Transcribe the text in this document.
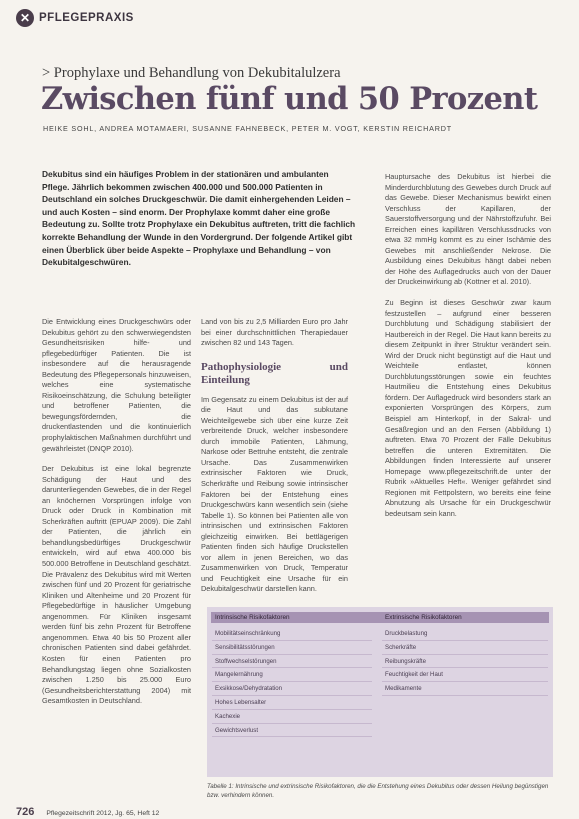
✕ PFLEGEPRAXIS
> Prophylaxe und Behandlung von Dekubitalulzera
Zwischen fünf und 50 Prozent
HEIKE SOHL, ANDREA MOTAMAERI, SUSANNE FAHNEBECK, PETER M. VOGT, KERSTIN REICHARDT

Dekubitus sind ein häufiges Problem in der stationären und ambulanten Pflege. Jährlich bekommen zwischen 400.000 und 500.000 Patienten in Deutschland ein solches Druckgeschwür. Die damit einhergehenden Leiden – und auch Kosten – sind enorm. Der Prophylaxe kommt daher eine große Bedeutung zu. Sollte trotz Prophylaxe ein Dekubitus auftreten, tritt die fachlich korrekte Behandlung der Wunde in den Vordergrund. Der folgende Artikel gibt einen Überblick über beide Aspekte – Prophylaxe und Behandlung – von Dekubitalgeschwüren.

Die Entwicklung eines Druckgeschwürs oder Dekubitus gehört zu den schwerwiegendsten Gesundheitsrisiken hilfe- und pflegebedürftiger Patienten. Die ist insbesondere auf die herausragende Bedeutung des Pflegepersonals hinzuweisen, welches eine systematische Risikoeinschätzung, die Schulung beteiligter und betroffener Patienten, die bewegungsfördernden, die druckentlastenden und die kontinuierlich prophylaktischen Maßnahmen durchführt und gewährleistet (DNQP 2010).

Der Dekubitus ist eine lokal begrenzte Schädigung der Haut und des darunterliegenden Gewebes, die in der Regel an knöchernen Vorsprüngen infolge von Druck oder Druck in Kombination mit Scherkräften auftritt (EPUAP 2009). Die Zahl der Patienten, die jährlich ein behandlungsbedürftiges Druckgeschwür entwickeln, wird auf etwa 400.000 bis 500.000 Betroffene in Deutschland geschätzt. Die Prävalenz des Dekubitus wird mit Werten zwischen fünf und 20 Prozent für geriatrische Kliniken und Altenheime und 20 Prozent für Pflegebedürftige in häuslicher Umgebung angenommen. Für Kliniken insgesamt werden fünf bis zehn Prozent für Betroffene angenommen. Etwa 40 bis 50 Prozent aller chronischen Patienten sind dabei gefährdet. Kosten für einen Patienten pro Behandlungstag liegen ohne Sozialkosten zwischen 1.250 bis 25.000 Euro (Gesundheitsberichterstattung 2004) mit Gesamtkosten in Deutschland.

Land von bis zu 2,5 Milliarden Euro pro Jahr bei einer durchschnittlichen Therapiedauer zwischen 82 und 143 Tagen.

Pathophysiologie und Einteilung

Im Gegensatz zu einem Dekubitus ist der auf die Haut und das subkutane Weichteilgewebe sich über eine kurze Zeit verbreitende Druck, welcher insbesondere durch immobile Patienten, Lähmung, Narkose oder Bettruhe entsteht, die zentrale Ursache. Das Zusammenwirken extrinsischer Faktoren wie Druck, Scherkräfte und Reibung sowie intrinsischer Faktoren bei der Entstehung eines Druckgeschwürs kann wesentlich sein (siehe Tabelle 1). So können bei Patienten alle von intrinsischen und extrinsischen Faktoren gleichzeitig einwirken. Bei bettlägerigen Patienten finden sich häufige Druckstellen vor allem in jenen Bereichen, wo das Zusammenwirken von Druck, Temperatur und Feuchtigkeit eine Ursache für ein Dekubitalgeschwür darstellen kann.

Hauptursache des Dekubitus ist hierbei die Minderdurchblutung des Gewebes durch Druck auf das Gewebe. Dieser Mechanismus bewirkt einen Verschluss der Kapillaren, der Sauerstoffversorgung und der Nährstoffzufuhr. Bei Erreichen eines kapillären Verschlussdrucks von etwa 32 mmHg kommt es zu einer Ischämie des Gewebes mit anschließender Nekrose. Die Ausbildung eines Dekubitus hängt dabei neben der Höhe des Auflagedrucks auch von der Dauer der Druckeinwirkung ab (Kottner et al. 2010).

Zu Beginn ist dieses Geschwür zwar kaum festzustellen – aufgrund einer besseren Durchblutung und Schädigung stabilisiert der Hautbereich in der Regel. Die Haut kann bereits zu diesem Zeitpunkt in ihrer Struktur verändert sein. Wird der Druck nicht begünstigt auf die Haut und Weichteile entlastet, können Durchblutungsstörungen sowie ein feuchtes Hautmilieu die Entstehung eines Dekubitus fördern. Der Auflagedruck wird besonders stark an exponierten Vorsprüngen des Körpers, zum Beispiel am Hinterkopf, in der Sakral- und Gesäßregion und an den Fersen (Abbildung 1) auftreten. Etwa 70 Prozent der Fälle Dekubitus betreffen die unteren Extremitäten. Die Abbildungen finden Interessierte auf unserer Homepage www.pflegezeitschrift.de unter der Rubrik »Aktuelles Heft«. Weniger gefährdet sind Regionen mit Fettpolstern, wo bereits eine feine Abnutzung als Ursache für ein Druckgeschwür bedeutsam sein kann.

Intrinsische Risikofaktoren	Extrinsische Risikofaktoren
Mobilitätseinschränkung
Sensibilitätsstörungen
Stoffwechselstörungen
Mangelernährung
Exsikkose/Dehydratation
Hohes Lebensalter
Kachexie
Gewichtsverlust
Druckbelastung
Scherkräfte
Reibungskräfte
Feuchtigkeit der Haut
Medikamente

Tabelle 1: Intrinsische und extrinsische Risikofaktoren, die die Entstehung eines Dekubitus oder dessen Heilung begünstigen bzw. verhindern können.

726 Pflegezeitschrift 2012, Jg. 65, Heft 12
